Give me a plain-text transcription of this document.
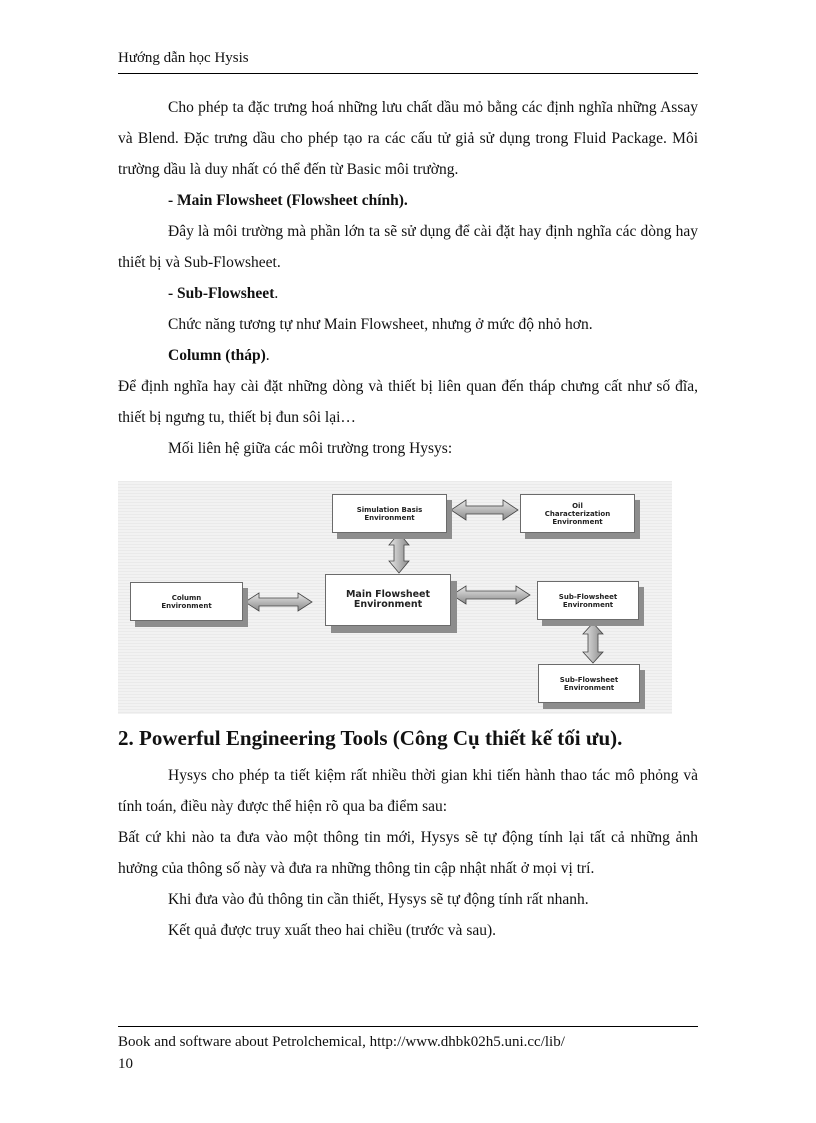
Hướng dẫn học Hysis

Cho phép ta đặc trưng hoá những lưu chất dầu mỏ bằng các định nghĩa những Assay và Blend. Đặc trưng dầu cho phép tạo ra các cấu tử giả sử dụng trong Fluid Package. Môi trường dầu là duy nhất có thể đến từ Basic môi trường.

- Main Flowsheet (Flowsheet chính).

Đây là môi trường mà phần lớn ta sẽ sử dụng để cài đặt hay định nghĩa các dòng hay thiết bị và Sub-Flowsheet.

- Sub-Flowsheet.

Chức năng tương tự như Main Flowsheet, nhưng ở mức độ nhỏ hơn.

Column (tháp).

Để định nghĩa hay cài đặt những dòng và thiết bị liên quan đến tháp chưng cất như số đĩa, thiết bị ngưng tu, thiết bị đun sôi lại…

Mối liên hệ giữa các môi trường trong Hysys:

Simulation Basis
Environment
Oil
Characterization
Environment
Column
Environment
Main Flowsheet
Environment
Sub-Flowsheet
Environment
Sub-Flowsheet
Environment
2. Powerful Engineering Tools (Công Cụ thiết kế tối ưu).

Hysys cho phép ta tiết kiệm rất nhiều thời gian khi tiến hành thao tác mô phỏng và tính toán, điều này được thể hiện rõ qua ba điểm sau:

Bất cứ khi nào ta đưa vào một thông tin mới, Hysys sẽ tự động tính lại tất cả những ảnh hưởng của thông số này và đưa ra những thông tin cập nhật nhất ở mọi vị trí.

Khi đưa vào đủ thông tin cần thiết, Hysys sẽ tự động tính rất nhanh.

Kết quả được truy xuất theo hai chiều (trước và sau).

Book and software about Petrolchemical, http://www.dhbk02h5.uni.cc/lib/
10
